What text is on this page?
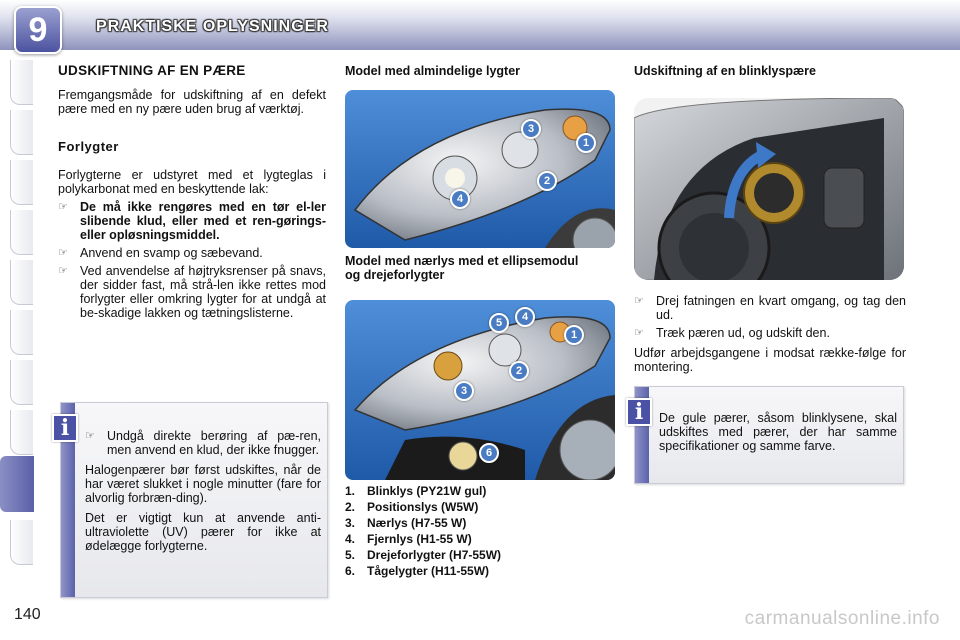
9	PRAKTISKE OPLYSNINGER
UDSKIFTNING AF EN PÆRE

Fremgangsmåde for udskiftning af en defekt pære med en ny pære uden brug af værktøj.

Forlygter

Forlygterne er udstyret med et lygteglas i polykarbonat med en beskyttende lak:

☞ De må ikke rengøres med en tør el-ler slibende klud, eller med et ren-gørings- eller opløsningsmiddel.
☞ Anvend en svamp og sæbevand.
☞ Ved anvendelse af højtryksrenser på snavs, der sidder fast, må strå-len ikke rettes mod forlygter eller omkring lygter for at undgå at be-skadige lakken og tætningslisterne.
☞ Undgå direkte berøring af pæ-ren, men anvend en klud, der ikke fnugger.

Halogenpærer bør først udskiftes, når de har været slukket i nogle minutter (fare for alvorlig forbræn-ding).

Det er vigtigt kun at anvende anti-ultraviolette (UV) pærer for ikke at ødelægge forlygterne.

i
Model med almindelige lygter
Model med nærlys med et ellipsemodul og drejeforlygter
1
2
3
4
1
2
3
4
5
6
1. Blinklys (PY21W gul)
2. Positionslys (W5W)
3. Nærlys (H7-55 W)
4. Fjernlys (H1-55 W)
5. Drejeforlygter (H7-55W)
6. Tågelygter (H11-55W)
Udskiftning af en blinklyspære
☞ Drej fatningen en kvart omgang, og tag den ud.
☞ Træk pæren ud, og udskift den.

Udfør arbejdsgangene i modsat række-følge for montering.

De gule pærer, såsom blinklysene, skal udskiftes med pærer, der har samme specifikationer og samme farve.

i
140	carmanualsonline.info
